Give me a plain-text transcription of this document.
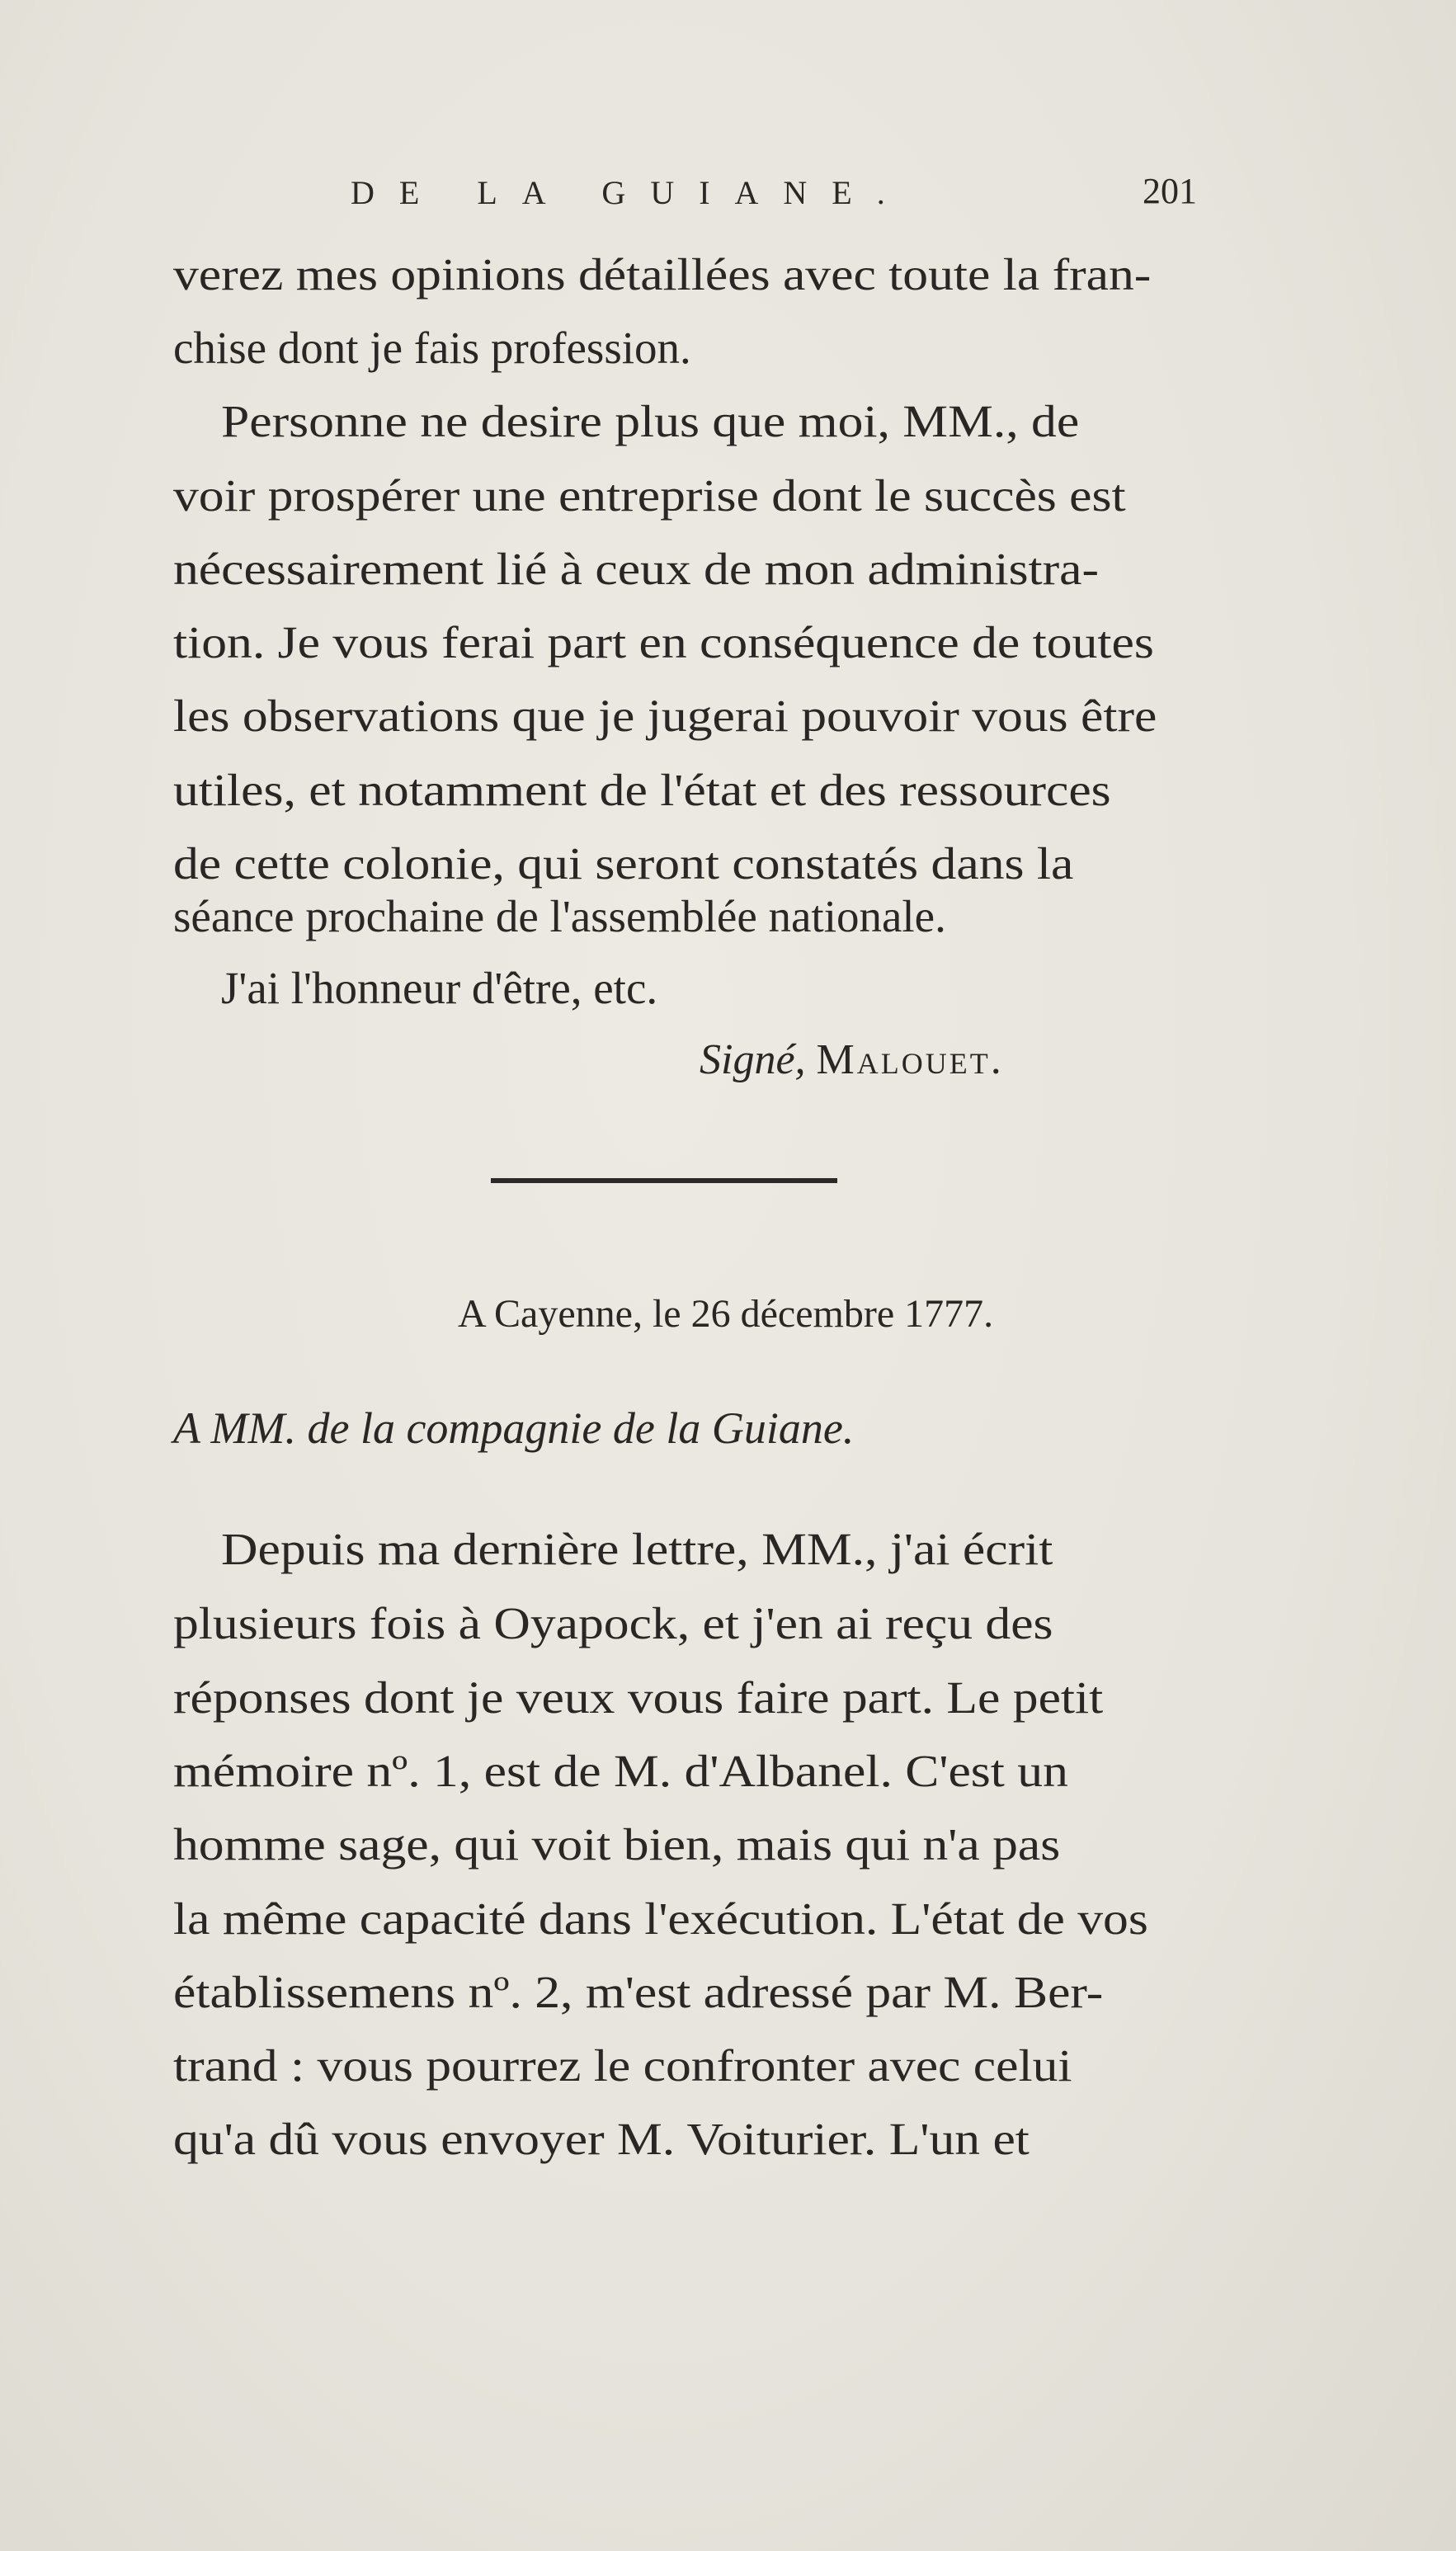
DE LA GUIANE.	201
verez mes opinions détaillées avec toute la fran-
chise dont je fais profession.
Personne ne desire plus que moi, MM., de
voir prospérer une entreprise dont le succès est
nécessairement lié à ceux de mon administra-
tion. Je vous ferai part en conséquence de toutes
les observations que je jugerai pouvoir vous être
utiles, et notamment de l'état et des ressources
de cette colonie, qui seront constatés dans la
séance prochaine de l'assemblée nationale.
J'ai l'honneur d'être, etc.
Signé, Malouet.
A Cayenne, le 26 décembre 1777.
A MM. de la compagnie de la Guiane.
Depuis ma dernière lettre, MM., j'ai écrit
plusieurs fois à Oyapock, et j'en ai reçu des
réponses dont je veux vous faire part. Le petit
mémoire nº. 1, est de M. d'Albanel. C'est un
homme sage, qui voit bien, mais qui n'a pas
la même capacité dans l'exécution. L'état de vos
établissemens nº. 2, m'est adressé par M. Ber-
trand : vous pourrez le confronter avec celui
qu'a dû vous envoyer M. Voiturier. L'un et
